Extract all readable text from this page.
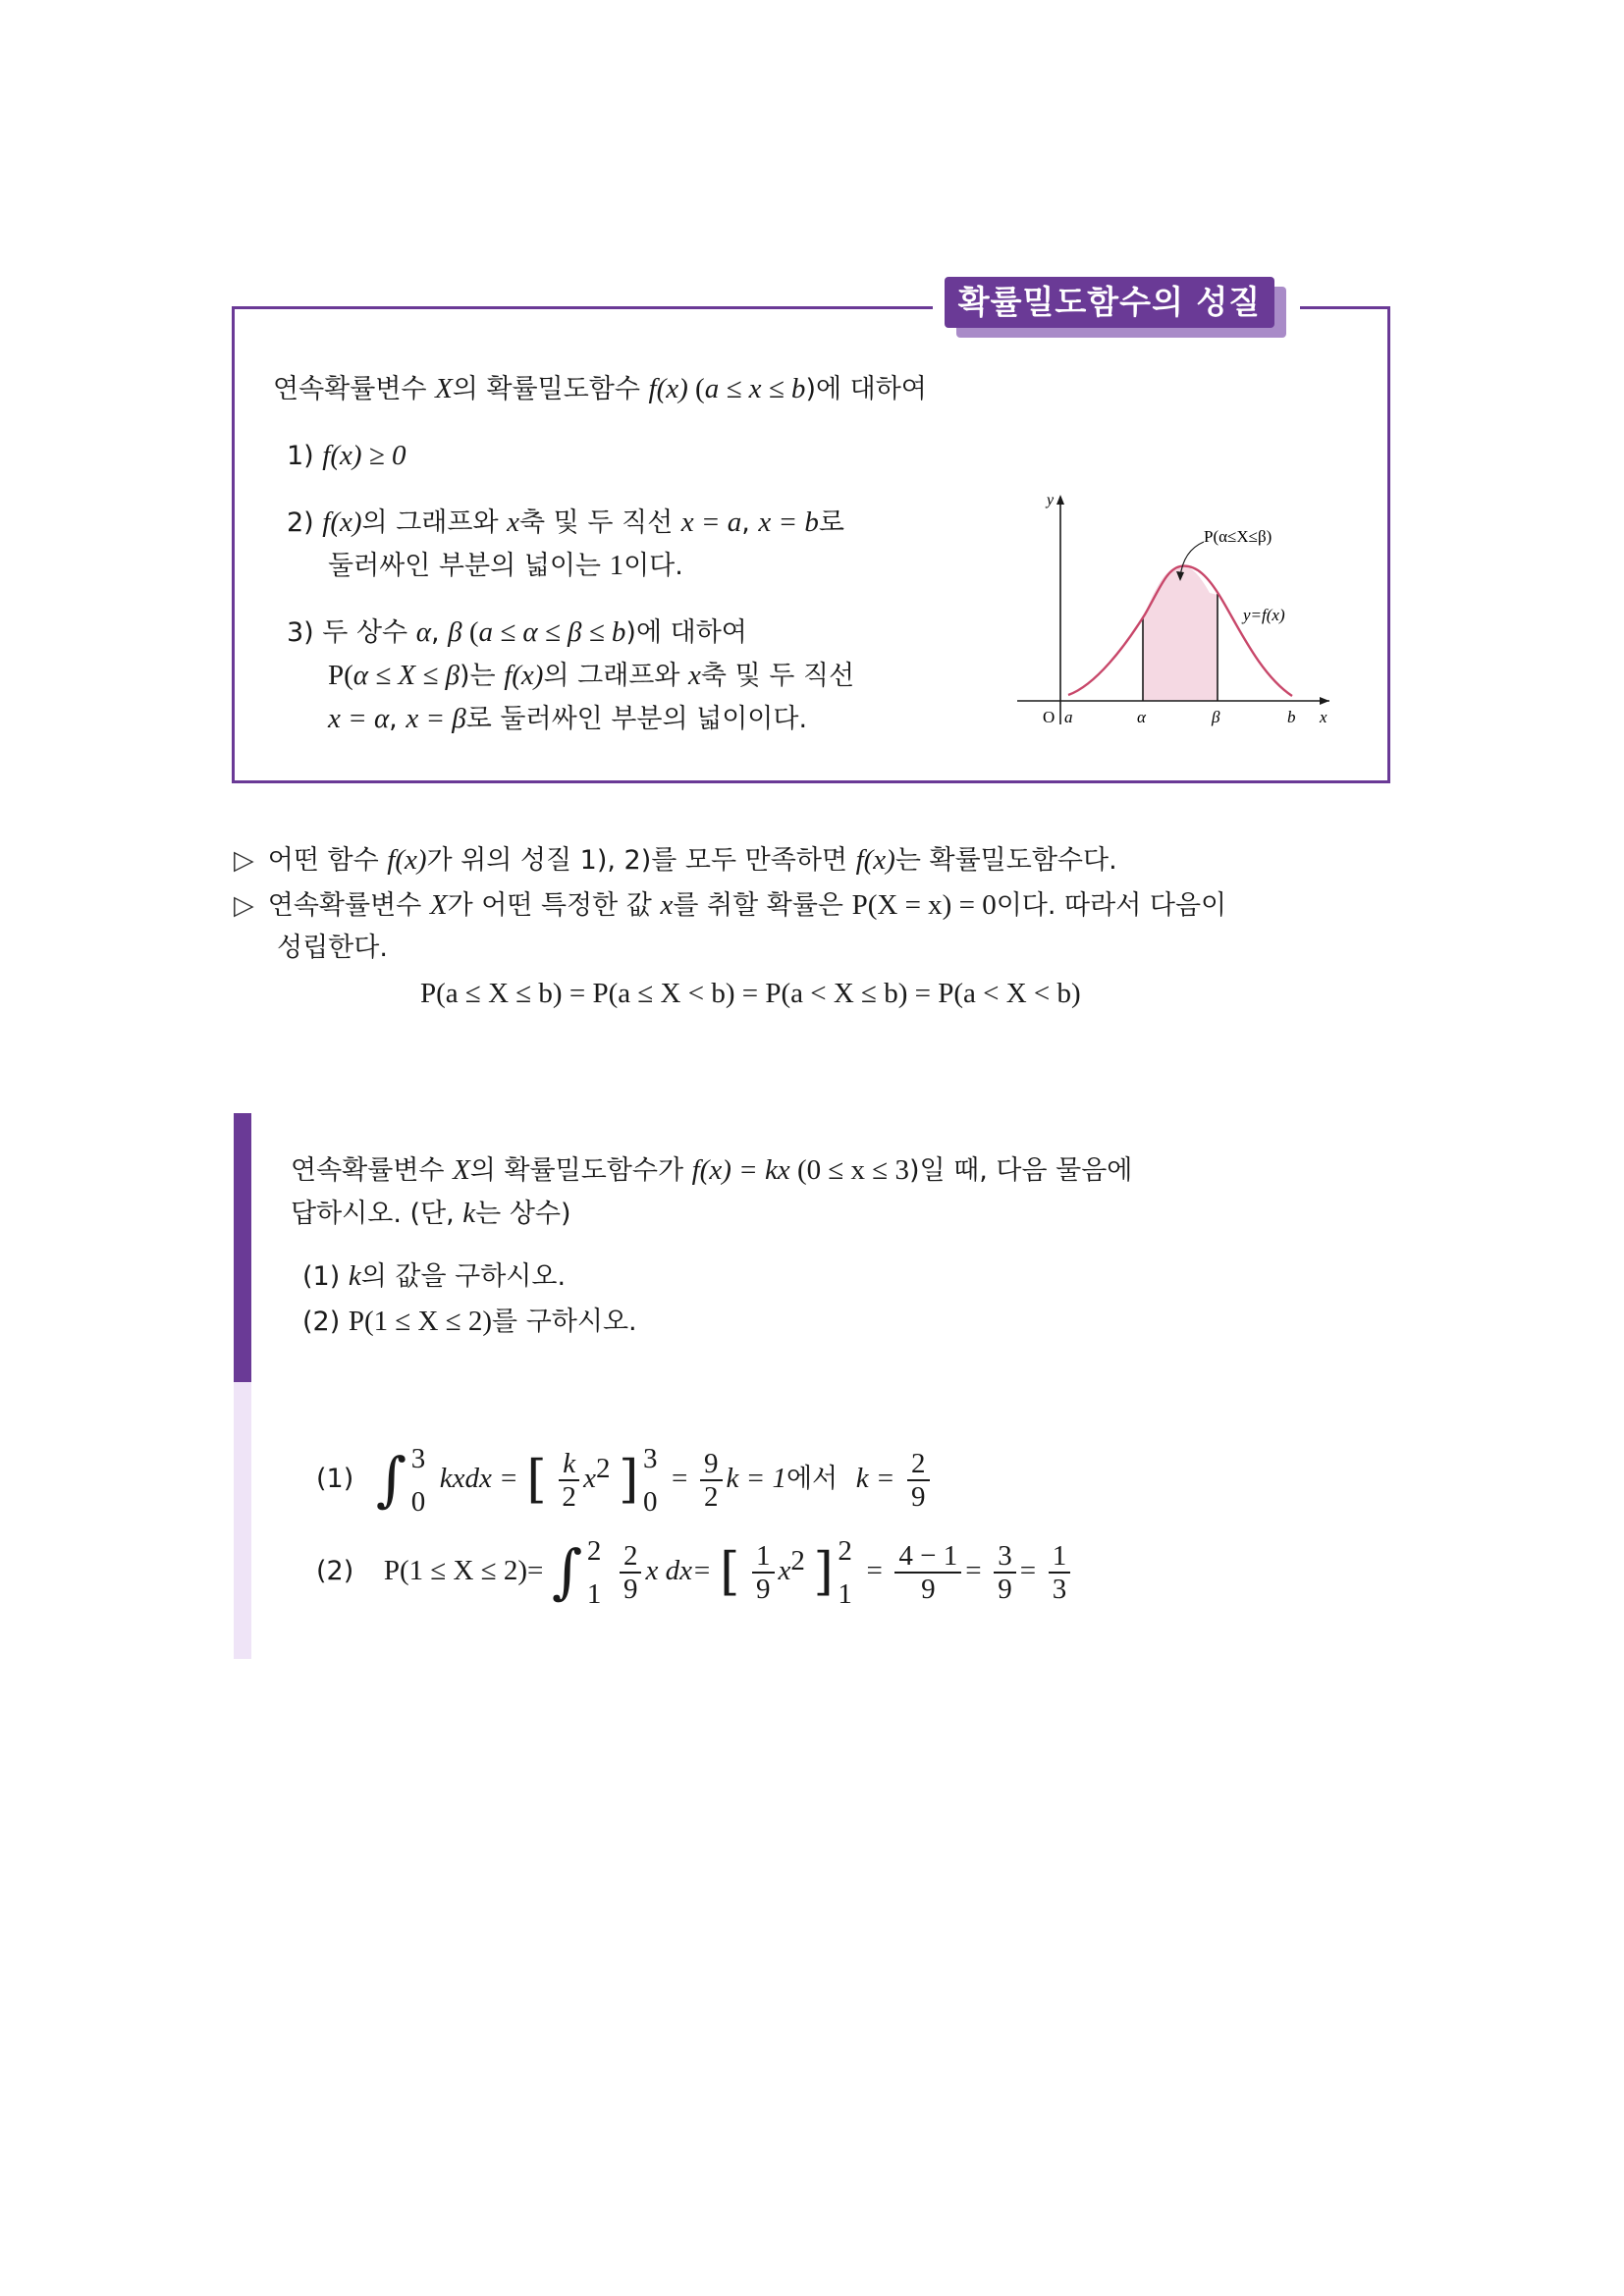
확률밀도함수의 성질
연속확률변수 X의 확률밀도함수 f(x) (a ≤ x ≤ b)에 대하여
1) f(x) ≥ 0
2) f(x)의 그래프와 x축 및 두 직선 x = a, x = b로
둘러싸인 부분의 넓이는 1이다.
3) 두 상수 α, β (a ≤ α ≤ β ≤ b)에 대하여
P(α ≤ X ≤ β)는 f(x)의 그래프와 x축 및 두 직선
x = α, x = β로 둘러싸인 부분의 넓이이다.
y
x
O a	α	β	b
P(α≤X≤β)
y=f(x)
▷ 어떤 함수 f(x)가 위의 성질 1), 2)를 모두 만족하면 f(x)는 확률밀도함수다.
▷ 연속확률변수 X가 어떤 특정한 값 x를 취할 확률은 P(X = x) = 0이다. 따라서 다음이
성립한다.
P(a ≤ X ≤ b) = P(a ≤ X < b) = P(a < X ≤ b) = P(a < X < b)
연속확률변수 X의 확률밀도함수가 f(x) = kx (0 ≤ x ≤ 3)일 때, 다음 물음에
답하시오. (단, k는 상수)
(1) k의 값을 구하시오.
(2) P(1 ≤ X ≤ 2)를 구하시오.
(1) ∫ 3
0
kxdx = [ $\frac{k}{2} x^2$ ] 3
0
= $\frac{9}{2}$ k = 1에서 $k = \frac{2}{9}$
(2) P(1 ≤ X ≤ 2)= ∫ 2
1
$\frac{2}{9}$ x dx= [ $\frac{1}{9} x^2$ ] 2
1
= $\frac{4 - 1}{9} = \frac{3}{9} = \frac{1}{3}$
